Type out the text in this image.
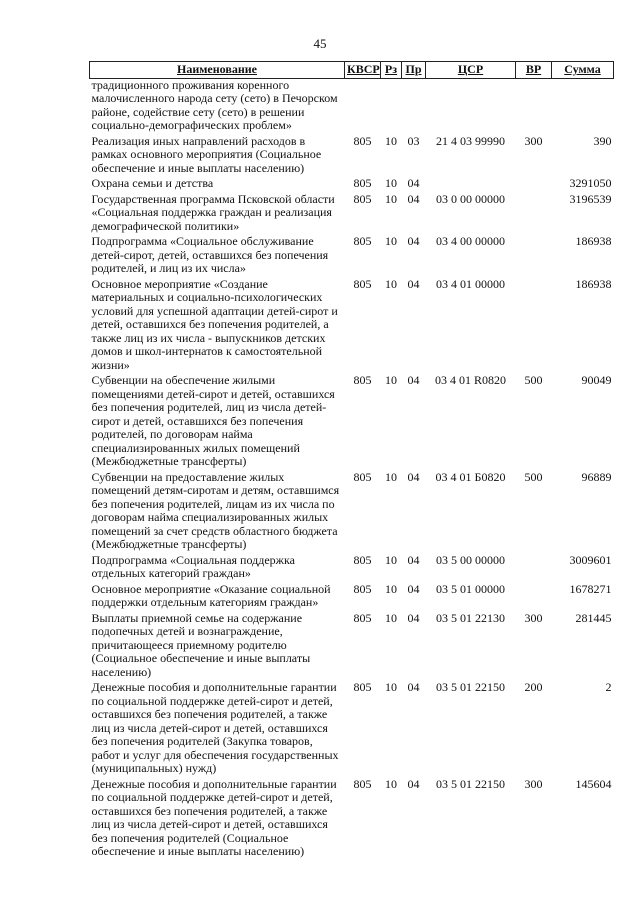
45
Наименование	КВСР	Рз	Пр	ЦСР	ВР	Сумма
традиционного проживания коренного малочисленного народа сету (сето) в Печорском районе, содействие сету (сето) в решении социально-демографических проблем»						
Реализация иных направлений расходов в рамках основного мероприятия (Социальное обеспечение и иные выплаты населению)	805	10	03	21 4 03 99990	300	390
Охрана семьи и детства	805	10	04			3291050
Государственная программа Псковской области «Социальная поддержка граждан и реализация демографической политики»	805	10	04	03 0 00 00000		3196539
Подпрограмма «Социальное обслуживание детей-сирот, детей, оставшихся без попечения родителей, и лиц из их числа»	805	10	04	03 4 00 00000		186938
Основное мероприятие «Создание материальных и социально-психологических условий для успешной адаптации детей-сирот и детей, оставшихся без попечения родителей, а также лиц из их числа - выпускников детских домов и школ-интернатов к самостоятельной жизни»	805	10	04	03 4 01 00000		186938
Субвенции на обеспечение жилыми помещениями детей-сирот и детей, оставшихся без попечения родителей, лиц из числа детей-сирот и детей, оставшихся без попечения родителей, по договорам найма специализированных жилых помещений (Межбюджетные трансферты)	805	10	04	03 4 01 R0820	500	90049
Субвенции на предоставление жилых помещений детям-сиротам и детям, оставшимся без попечения родителей, лицам из их числа по договорам найма специализированных жилых помещений за счет средств областного бюджета (Межбюджетные трансферты)	805	10	04	03 4 01 Б0820	500	96889
Подпрограмма «Социальная поддержка отдельных категорий граждан»	805	10	04	03 5 00 00000		3009601
Основное мероприятие «Оказание социальной поддержки отдельным категориям граждан»	805	10	04	03 5 01 00000		1678271
Выплаты приемной семье на содержание подопечных детей и вознаграждение, причитающееся приемному родителю (Социальное обеспечение и иные выплаты населению)	805	10	04	03 5 01 22130	300	281445
Денежные пособия и дополнительные гарантии по социальной поддержке детей-сирот и детей, оставшихся без попечения родителей, а также лиц из числа детей-сирот и детей, оставшихся без попечения родителей (Закупка товаров, работ и услуг для обеспечения государственных (муниципальных) нужд)	805	10	04	03 5 01 22150	200	2
Денежные пособия и дополнительные гарантии по социальной поддержке детей-сирот и детей, оставшихся без попечения родителей, а также лиц из числа детей-сирот и детей, оставшихся без попечения родителей (Социальное обеспечение и иные выплаты населению)	805	10	04	03 5 01 22150	300	145604
